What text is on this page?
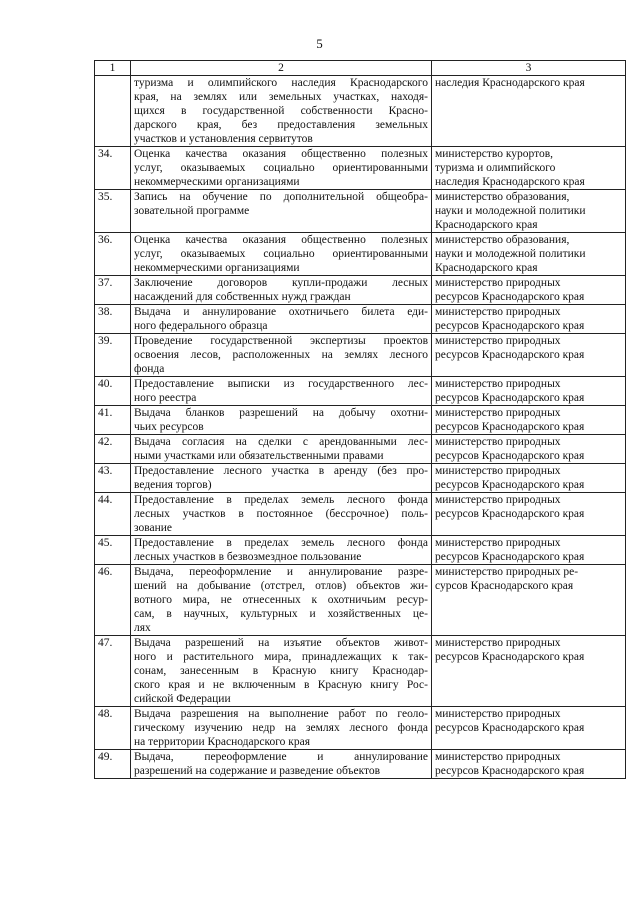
5
1	2	3

	туризма и олимпийского наследия Краснодарского
края, на землях или земельных участках, находя-
щихся в государственной собственности Красно-
дарского края, без предоставления земельных
участков и установления сервитутов	наследия Краснодарского края

34.	Оценка качества оказания общественно полезных
услуг, оказываемых социально ориентированными
некоммерческими организациями	министерство курортов,
туризма и олимпийского
наследия Краснодарского края

35.	Запись на обучение по дополнительной общеобра-
зовательной программе	министерство образования,
науки и молодежной политики
Краснодарского края

36.	Оценка качества оказания общественно полезных
услуг, оказываемых социально ориентированными
некоммерческими организациями	министерство образования,
науки и молодежной политики
Краснодарского края

37.	Заключение договоров купли-продажи лесных
насаждений для собственных нужд граждан	министерство природных
ресурсов Краснодарского края

38.	Выдача и аннулирование охотничьего билета еди-
ного федерального образца	министерство природных
ресурсов Краснодарского края

39.	Проведение государственной экспертизы проектов
освоения лесов, расположенных на землях лесного
фонда	министерство природных
ресурсов Краснодарского края

40.	Предоставление выписки из государственного лес-
ного реестра	министерство природных
ресурсов Краснодарского края

41.	Выдача бланков разрешений на добычу охотни-
чьих ресурсов	министерство природных
ресурсов Краснодарского края

42.	Выдача согласия на сделки с арендованными лес-
ными участками или обязательственными правами	министерство природных
ресурсов Краснодарского края

43.	Предоставление лесного участка в аренду (без про-
ведения торгов)	министерство природных
ресурсов Краснодарского края

44.	Предоставление в пределах земель лесного фонда
лесных участков в постоянное (бессрочное) поль-
зование	министерство природных
ресурсов Краснодарского края

45.	Предоставление в пределах земель лесного фонда
лесных участков в безвозмездное пользование	министерство природных
ресурсов Краснодарского края

46.	Выдача, переоформление и аннулирование разре-
шений на добывание (отстрел, отлов) объектов жи-
вотного мира, не отнесенных к охотничьим ресур-
сам, в научных, культурных и хозяйственных це-
лях	министерство природных ре-
сурсов Краснодарского края

47.	Выдача разрешений на изъятие объектов живот-
ного и растительного мира, принадлежащих к так-
сонам, занесенным в Красную книгу Краснодар-
ского края и не включенным в Красную книгу Рос-
сийской Федерации	министерство природных
ресурсов Краснодарского края

48.	Выдача разрешения на выполнение работ по геоло-
гическому изучению недр на землях лесного фонда
на территории Краснодарского края	министерство природных
ресурсов Краснодарского края

49.	Выдача, переоформление и аннулирование
разрешений на содержание и разведение объектов	министерство природных
ресурсов Краснодарского края
